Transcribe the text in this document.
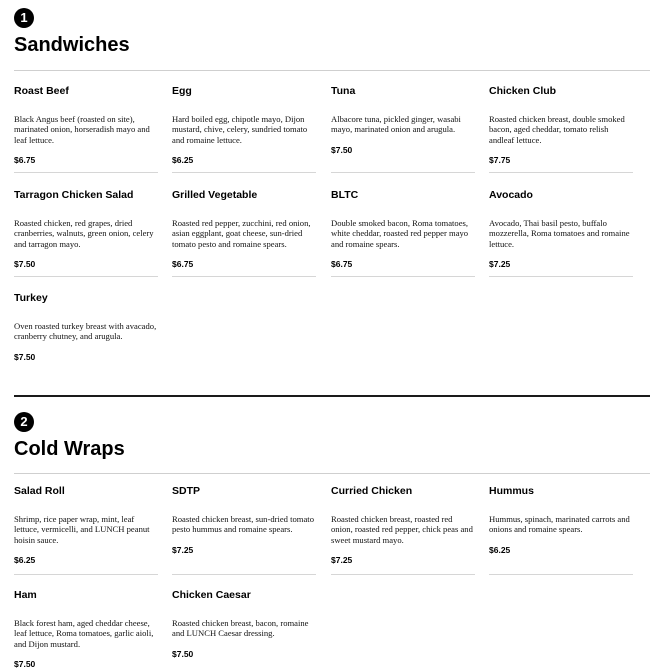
1
Sandwiches

Roast Beef

Black Angus beef (roasted on site), marinated onion, horseradish mayo and leaf lettuce.

$6.75

Egg

Hard boiled egg, chipotle mayo, Dijon mustard, chive, celery, sundried tomato and romaine lettuce.

$6.25

Tuna

Albacore tuna, pickled ginger, wasabi mayo, marinated onion and arugula.

$7.50

Chicken Club

Roasted chicken breast, double smoked bacon, aged cheddar, tomato relish andleaf lettuce.

$7.75

Tarragon Chicken Salad

Roasted chicken, red grapes, dried cranberries, walnuts, green onion, celery and tarragon mayo.

$7.50

Grilled Vegetable

Roasted red pepper, zucchini, red onion, asian eggplant, goat cheese, sun-dried tomato pesto and romaine spears.

$6.75

BLTC

Double smoked bacon, Roma tomatoes, white cheddar, roasted red pepper mayo and romaine spears.

$6.75

Avocado

Avocado, Thai basil pesto, buffalo mozzerella, Roma tomatoes and romaine lettuce.

$7.25

Turkey

Oven roasted turkey breast with avacado, cranberry chutney, and arugula.

$7.50

2
Cold Wraps

Salad Roll

Shrimp, rice paper wrap, mint, leaf lettuce, vermicelli, and LUNCH peanut hoisin sauce.

$6.25

SDTP

Roasted chicken breast, sun-dried tomato pesto hummus and romaine spears.

$7.25

Curried Chicken

Roasted chicken breast, roasted red onion, roasted red pepper, chick peas and sweet mustard mayo.

$7.25

Hummus

Hummus, spinach, marinated carrots and onions and romaine spears.

$6.25

Ham

Black forest ham, aged cheddar cheese, leaf lettuce, Roma tomatoes, garlic aioli, and Dijon mustard.

$7.50

Chicken Caesar

Roasted chicken breast, bacon, romaine and LUNCH Caesar dressing.

$7.50
